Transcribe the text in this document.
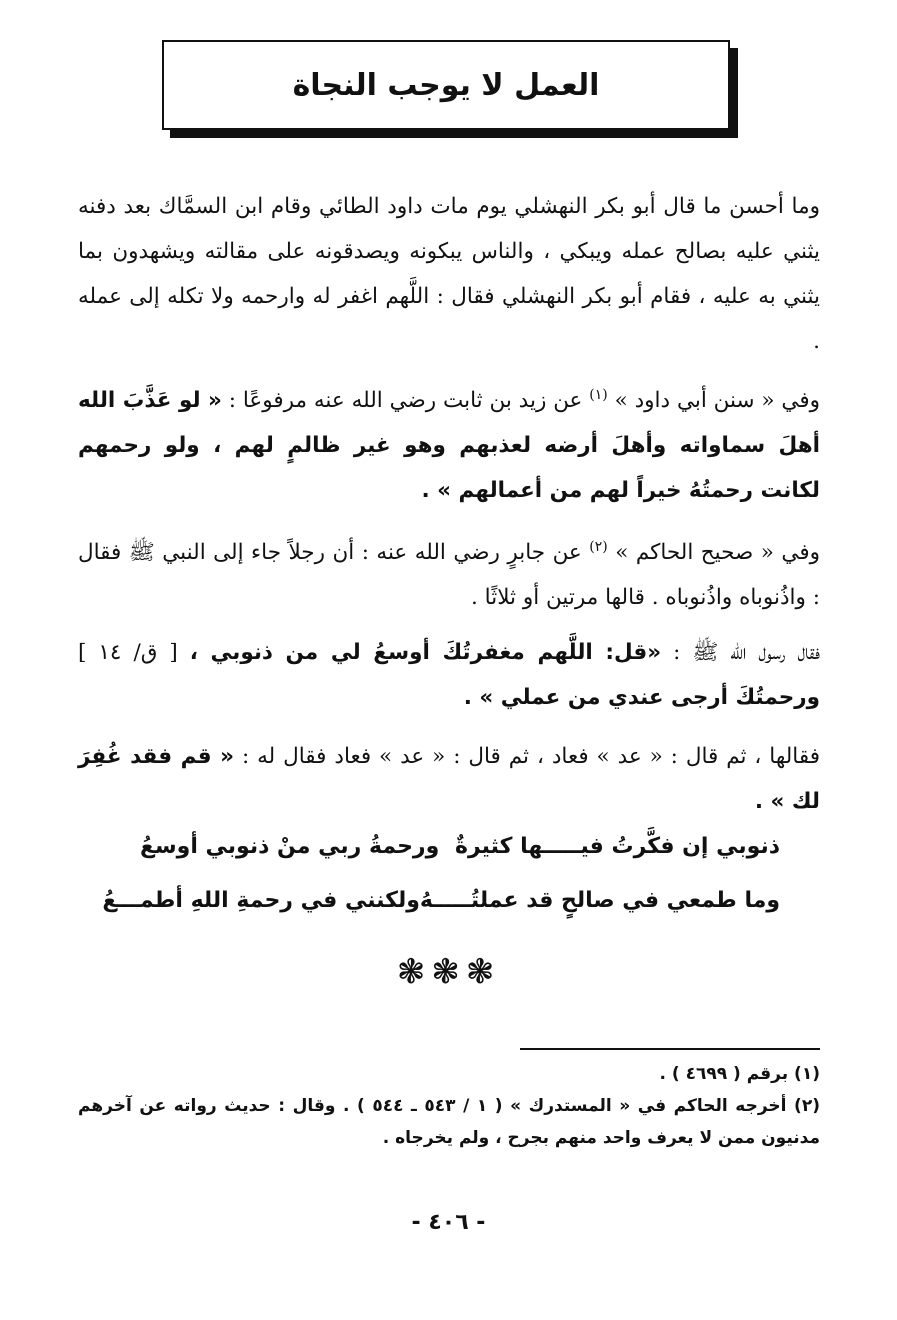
العمل لا يوجب النجاة

وما أحسن ما قال أبو بكر النهشلي يوم مات داود الطائي وقام ابن السمَّاك بعد دفنه يثني عليه بصالح عمله ويبكي ، والناس يبكونه ويصدقونه على مقالته ويشهدون بما يثني به عليه ، فقام أبو بكر النهشلي فقال : اللَّهم اغفر له وارحمه ولا تكله إلى عمله .

وفي « سنن أبي داود » $^{(١)}$ عن زيد بن ثابت رضي الله عنه مرفوعًا : « لو عَذَّبَ الله أهلَ سماواته وأهلَ أرضه لعذبهم وهو غير ظالمٍ لهم ، ولو رحمهم لكانت رحمتُهُ خيراً لهم من أعمالهم » .

وفي « صحيح الحاكم » $^{(٢)}$ عن جابرٍ رضي الله عنه : أن رجلاً جاء إلى النبي ﷺ فقال : واذُنوباه واذُنوباه . قالها مرتين أو ثلاثًا .

فقال رسول الله ﷺ : «قل: اللَّهم مغفرتُكَ أوسعُ لي من ذنوبي ، [ ق/ ١٤ ] ورحمتُكَ أرجى عندي من عملي » .

فقالها ، ثم قال : « عد » فعاد ، ثم قال : « عد » فعاد فقال له : « قم فقد غُفِرَ لك » .

ذنوبي إن فكَّرتُ فيـــــها كثيرةٌ
ورحمةُ ربي منْ ذنوبي أوسعُ
وما طمعي في صالحٍ قد عملتُـــــهُ
ولكنني في رحمةِ اللهِ أطمـــعُ
❃❃❃

(١) برقم ( ٤٦٩٩ ) .

(٢) أخرجه الحاكم في « المستدرك » ( ١ / ٥٤٣ ـ ٥٤٤ ) . وقال : حديث رواته عن آخرهم مدنيون ممن لا يعرف واحد منهم بجرح ، ولم يخرجاه .

- ٤٠٦ -
